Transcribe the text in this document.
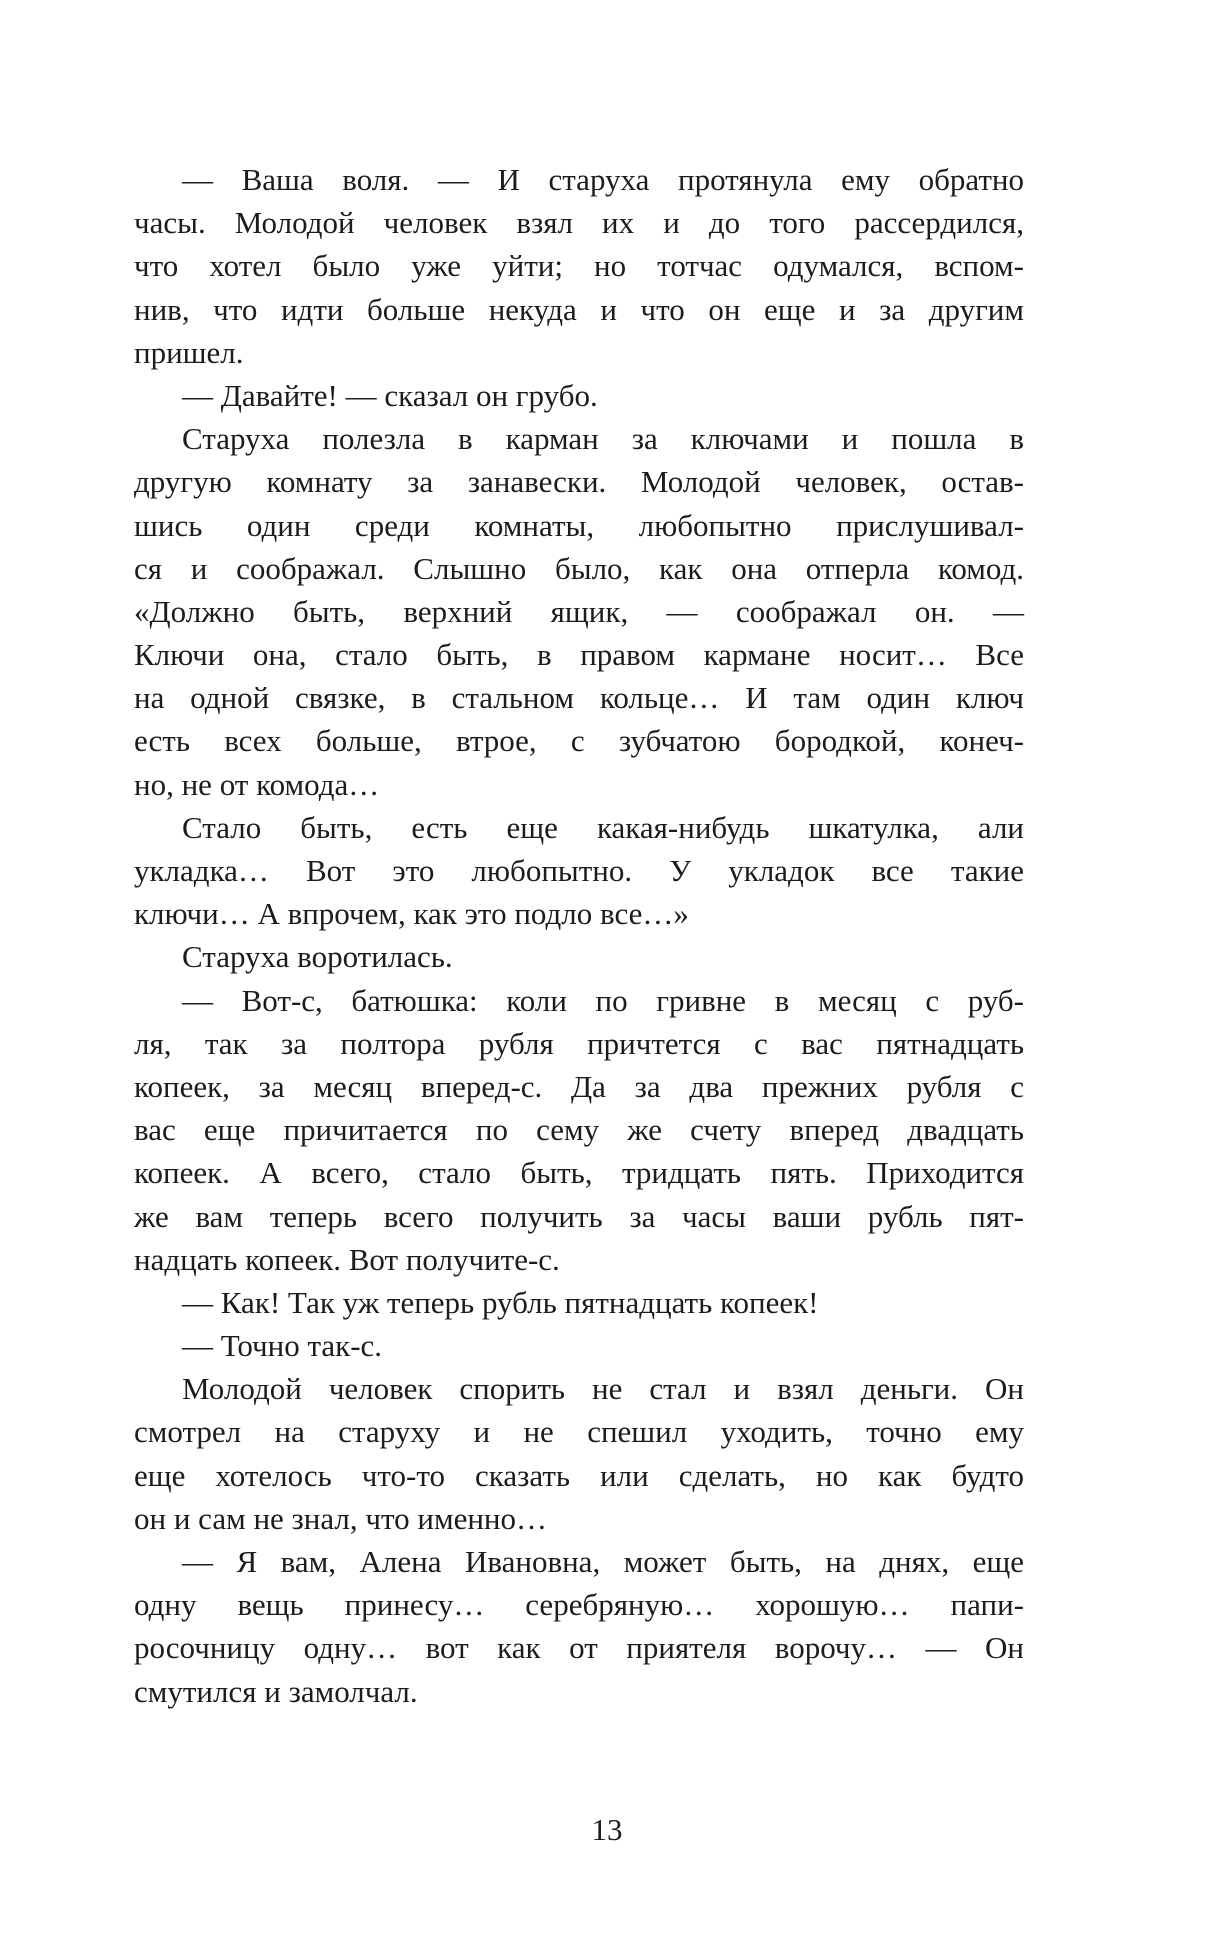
— Ваша воля. — И старуха протянула ему обратно
часы. Молодой человек взял их и до того рассердился,
что хотел было уже уйти; но тотчас одумался, вспом-
нив, что идти больше некуда и что он еще и за другим
пришел.
— Давайте! — сказал он грубо.
Старуха полезла в карман за ключами и пошла в
другую комнату за занавески. Молодой человек, остав-
шись один среди комнаты, любопытно прислушивал-
ся и соображал. Слышно было, как она отперла комод.
«Должно быть, верхний ящик, — соображал он. —
Ключи она, стало быть, в правом кармане носит… Все
на одной связке, в стальном кольце… И там один ключ
есть всех больше, втрое, с зубчатою бородкой, конеч-
но, не от комода…
Стало быть, есть еще какая-нибудь шкатулка, али
укладка… Вот это любопытно. У укладок все такие
ключи… А впрочем, как это подло все…»
Старуха воротилась.
— Вот-с, батюшка: коли по гривне в месяц с руб-
ля, так за полтора рубля причтется с вас пятнадцать
копеек, за месяц вперед-с. Да за два прежних рубля с
вас еще причитается по сему же счету вперед двадцать
копеек. А всего, стало быть, тридцать пять. Приходится
же вам теперь всего получить за часы ваши рубль пят-
надцать копеек. Вот получите-с.
— Как! Так уж теперь рубль пятнадцать копеек!
— Точно так-с.
Молодой человек спорить не стал и взял деньги. Он
смотрел на старуху и не спешил уходить, точно ему
еще хотелось что-то сказать или сделать, но как будто
он и сам не знал, что именно…
— Я вам, Алена Ивановна, может быть, на днях, еще
одну вещь принесу… серебряную… хорошую… папи-
росочницу одну… вот как от приятеля ворочу… — Он
смутился и замолчал.
13
